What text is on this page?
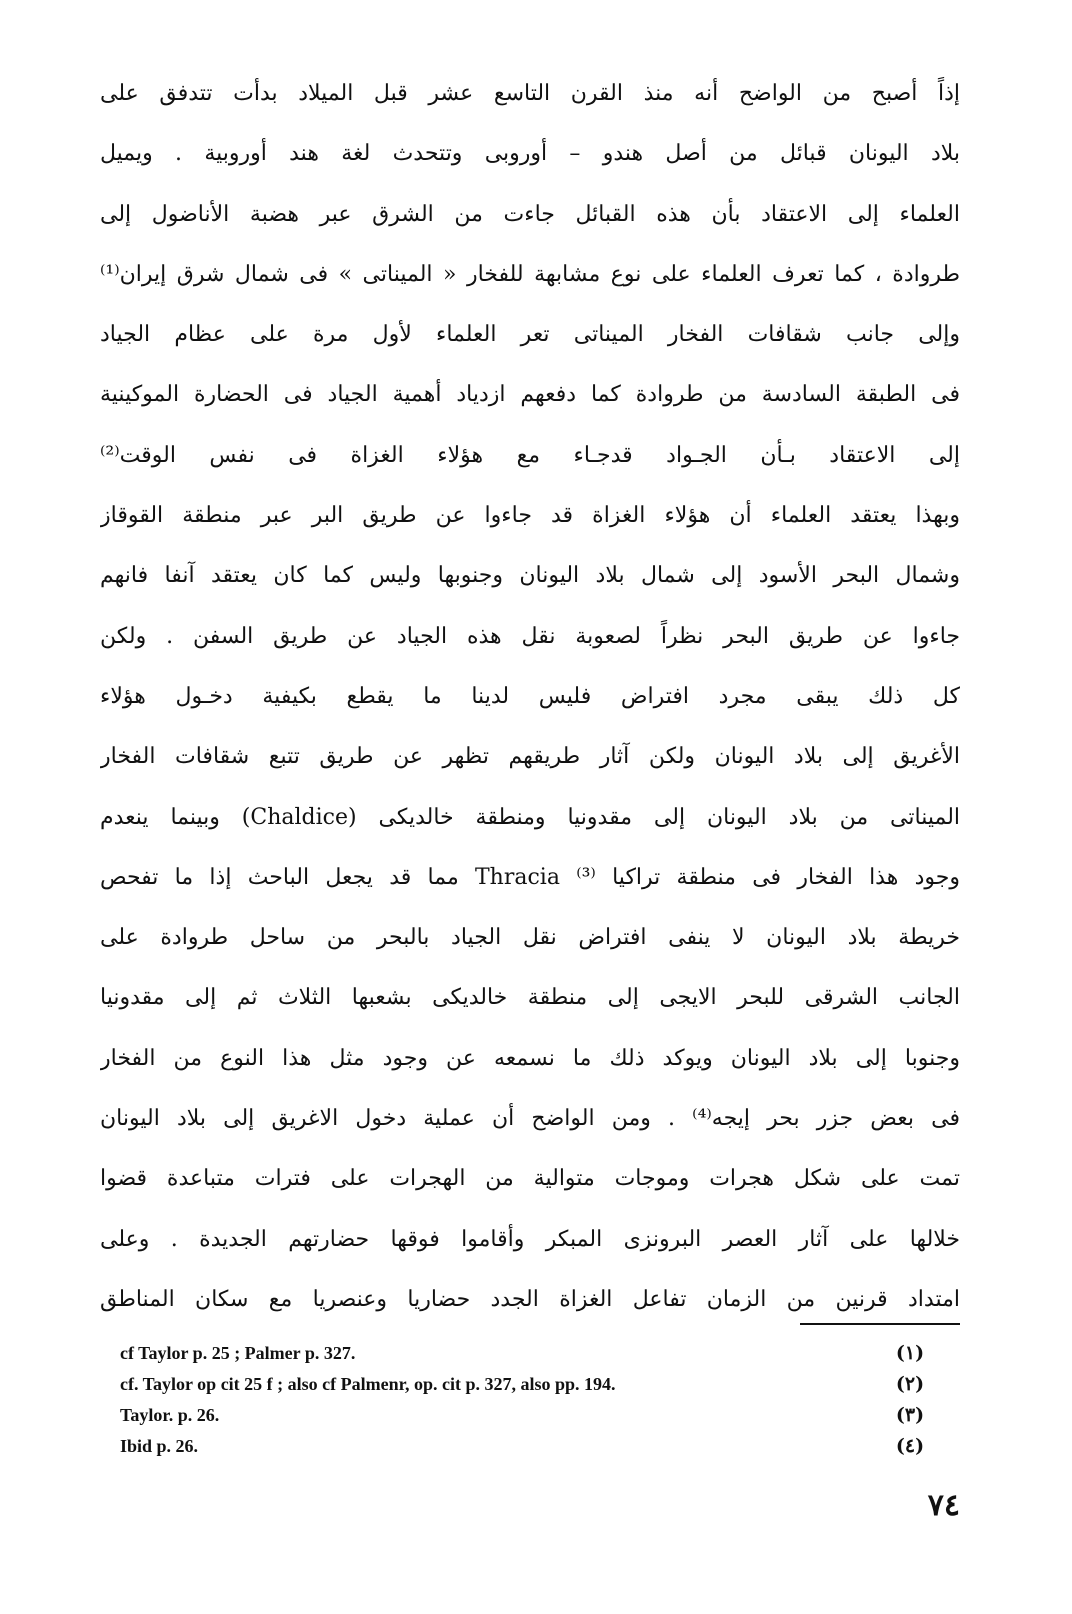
إذاً أصبح من الواضح أنه منذ القرن التاسع عشر قبل الميلاد بدأت تتدفق على
بلاد اليونان قبائل من أصل هندو – أوروبى وتتحدث لغة هند أوروبية . ويميل
العلماء إلى الاعتقاد بأن هذه القبائل جاءت من الشرق عبر هضبة الأناضول إلى
طروادة ، كما تعرف العلماء على نوع مشابهة للفخار « الميناتى » فى شمال شرق إيران⁽¹⁾
وإلى جانب شقافات الفخار الميناتى تعر العلماء لأول مرة على عظام الجياد
فى الطبقة السادسة من طروادة كما دفعهم ازدياد أهمية الجياد فى الحضارة الموكينية
إلى الاعتقاد بـأن الجـواد قدجـاء مع هؤلاء الغزاة فى نفس الوقت⁽²⁾
وبهذا يعتقد العلماء أن هؤلاء الغزاة قد جاءوا عن طريق البر عبر منطقة القوقاز
وشمال البحر الأسود إلى شمال بلاد اليونان وجنوبها وليس كما كان يعتقد آنفا فانهم
جاءوا عن طريق البحر نظراً لصعوبة نقل هذه الجياد عن طريق السفن . ولكن
كل ذلك يبقى مجرد افتراض فليس لدينا ما يقطع بكيفية دخـول هؤلاء
الأغريق إلى بلاد اليونان ولكن آثار طريقهم تظهر عن طريق تتبع شقافات الفخار
الميناتى من بلاد اليونان إلى مقدونيا ومنطقة خالديكى (Chaldice) وبينما ينعدم
وجود هذا الفخار فى منطقة تراكيا Thracia ⁽³⁾ مما قد يجعل الباحث إذا ما تفحص
خريطة بلاد اليونان لا ينفى افتراض نقل الجياد بالبحر من ساحل طروادة على
الجانب الشرقى للبحر الايجى إلى منطقة خالديكى بشعبها الثلاث ثم إلى مقدونيا
وجنوبا إلى بلاد اليونان ويوكد ذلك ما نسمعه عن وجود مثل هذا النوع من الفخار
فى بعض جزر بحر إيجه⁽⁴⁾ . ومن الواضح أن عملية دخول الاغريق إلى بلاد اليونان
تمت على شكل هجرات وموجات متوالية من الهجرات على فترات متباعدة قضوا
خلالها على آثار العصر البرونزى المبكر وأقاموا فوقها حضارتهم الجديدة . وعلى
امتداد قرنين من الزمان تفاعل الغزاة الجدد حضاريا وعنصريا مع سكان المناطق
cf Taylor p. 25 ; Palmer p. 327.	(١)
cf. Taylor op cit 25 f ; also cf Palmenr, op. cit p. 327, also pp. 194.	(٢)
Taylor. p. 26.	(٣)
Ibid p. 26.	(٤)
٧٤
